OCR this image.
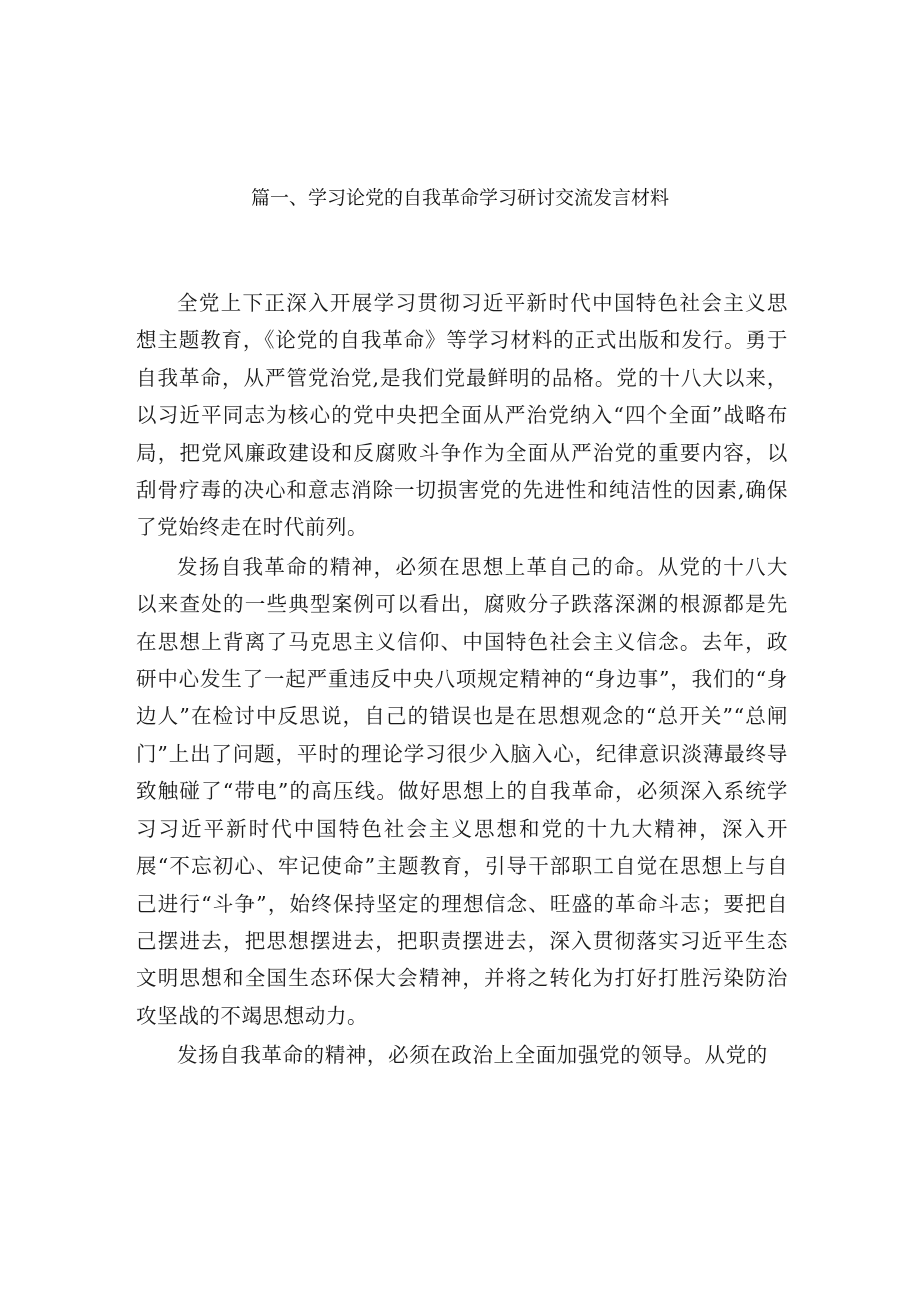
篇一、学习论党的自我革命学习研讨交流发言材料

全党上下正深入开展学习贯彻习近平新时代中国特色社会主义思想主题教育，《论党的自我革命》等学习材料的正式出版和发行。勇于自我革命，从严管党治党,是我们党最鲜明的品格。党的十八大以来，以习近平同志为核心的党中央把全面从严治党纳入“四个全面”战略布局，把党风廉政建设和反腐败斗争作为全面从严治党的重要内容，以刮骨疗毒的决心和意志消除一切损害党的先进性和纯洁性的因素,确保了党始终走在时代前列。

发扬自我革命的精神，必须在思想上革自己的命。从党的十八大以来查处的一些典型案例可以看出，腐败分子跌落深渊的根源都是先在思想上背离了马克思主义信仰、中国特色社会主义信念。去年，政研中心发生了一起严重违反中央八项规定精神的“身边事”，我们的“身边人”在检讨中反思说，自己的错误也是在思想观念的“总开关”“总闸门”上出了问题，平时的理论学习很少入脑入心，纪律意识淡薄最终导致触碰了“带电”的高压线。做好思想上的自我革命，必须深入系统学习习近平新时代中国特色社会主义思想和党的十九大精神，深入开展“不忘初心、牢记使命”主题教育，引导干部职工自觉在思想上与自己进行“斗争”，始终保持坚定的理想信念、旺盛的革命斗志；要把自己摆进去，把思想摆进去，把职责摆进去，深入贯彻落实习近平生态文明思想和全国生态环保大会精神，并将之转化为打好打胜污染防治攻坚战的不竭思想动力。

发扬自我革命的精神，必须在政治上全面加强党的领导。从党的
